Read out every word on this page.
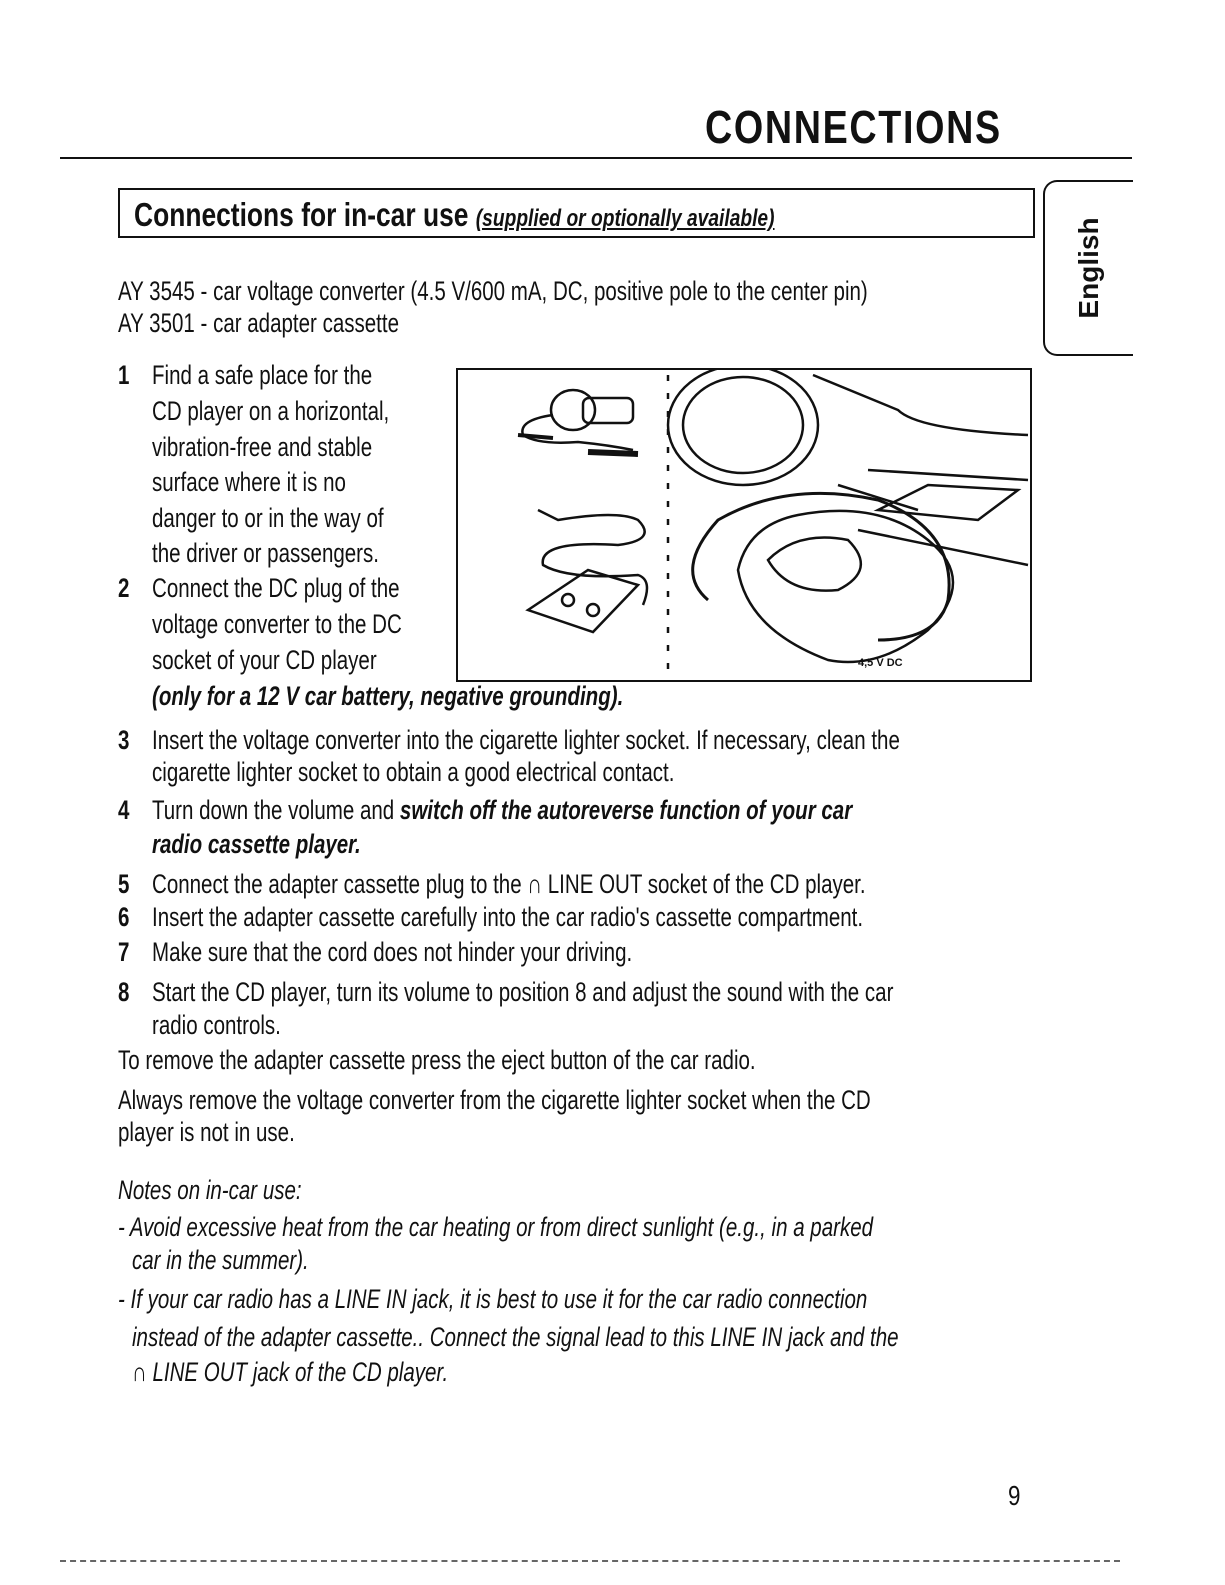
CONNECTIONS
Connections for in-car use (supplied or optionally available)	English
AY 3545 - car voltage converter (4.5 V/600 mA, DC, positive pole to the center pin)
AY 3501 - car adapter cassette
1 Find a safe place for the
CD player on a horizontal,
vibration-free and stable
surface where it is no
danger to or in the way of
the driver or passengers.
2 Connect the DC plug of the
voltage converter to the DC
socket of your CD player
(only for a 12 V car battery, negative grounding).
4,5 V DC
3 Insert the voltage converter into the cigarette lighter socket. If necessary, clean the
cigarette lighter socket to obtain a good electrical contact.
4 Turn down the volume and switch off the autoreverse function of your car
radio cassette player.
5 Connect the adapter cassette plug to the ∩ LINE OUT socket of the CD player.
6 Insert the adapter cassette carefully into the car radio's cassette compartment.
7 Make sure that the cord does not hinder your driving.
8 Start the CD player, turn its volume to position 8 and adjust the sound with the car
radio controls.
To remove the adapter cassette press the eject button of the car radio.
Always remove the voltage converter from the cigarette lighter socket when the CD
player is not in use.
Notes on in-car use:
- Avoid excessive heat from the car heating or from direct sunlight (e.g., in a parked
car in the summer).
- If your car radio has a LINE IN jack, it is best to use it for the car radio connection
instead of the adapter cassette.. Connect the signal lead to this LINE IN jack and the
∩ LINE OUT jack of the CD player.
9
